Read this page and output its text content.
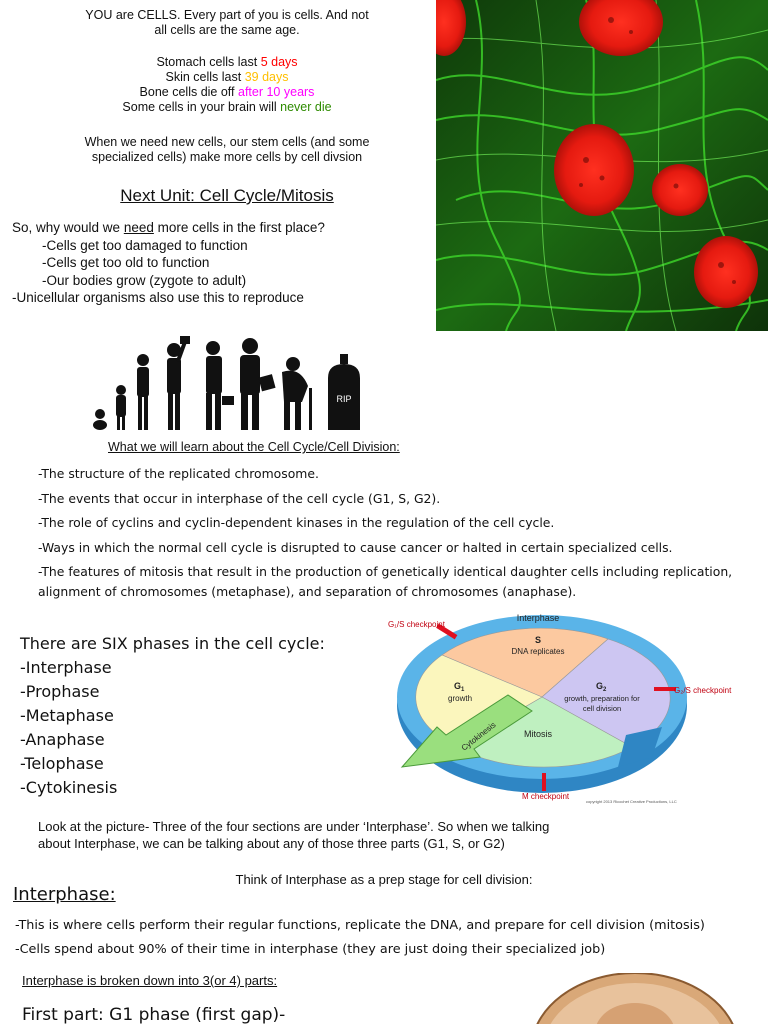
YOU are CELLS. Every part of you is cells. And not
all cells are the same age.
Stomach cells last 5 days
Skin cells last 39 days
Bone cells die off after 10 years
Some cells in your brain will never die
When we need new cells, our stem cells (and some
specialized cells) make more cells by cell divsion
Next Unit: Cell Cycle/Mitosis
So, why would we need more cells in the first place?
-Cells get too damaged to function
-Cells get too old to function
-Our bodies grow (zygote to adult)
-Unicellular organisms also use this to reproduce
RIP
What we will learn about the Cell Cycle/Cell Division:
-The structure of the replicated chromosome.
-The events that occur in interphase of the cell cycle (G1, S, G2).
-The role of cyclins and cyclin-dependent kinases in the regulation of the cell cycle.
-Ways in which the normal cell cycle is disrupted to cause cancer or halted in certain specialized cells.
-The features of mitosis that result in the production of genetically identical daughter cells including replication, alignment of chromosomes (metaphase), and separation of chromosomes (anaphase).
There are SIX phases in the cell cycle:
-Interphase
-Prophase
-Metaphase
-Anaphase
-Telophase
-Cytokinesis
Interphase
S
DNA replicates
$G_1$
growth
$G_2$
growth, preparation for
cell division
Mitosis
Cytokinesis
G₁/S checkpoint
G₂/S checkpoint
M checkpoint
copyright 2013 Ricochet Creative Productions, LLC
Look at the picture- Three of the four sections are under ‘Interphase’. So when we talking
about Interphase, we can be talking about any of those three parts (G1, S, or G2)
Think of Interphase as a prep stage for cell division:
Interphase:
-This is where cells perform their regular functions, replicate the DNA, and prepare for cell division (mitosis)
-Cells spend about 90% of their time in interphase (they are just doing their specialized job)
Interphase is broken down into 3(or 4) parts:
First part: G1 phase (first gap)-
